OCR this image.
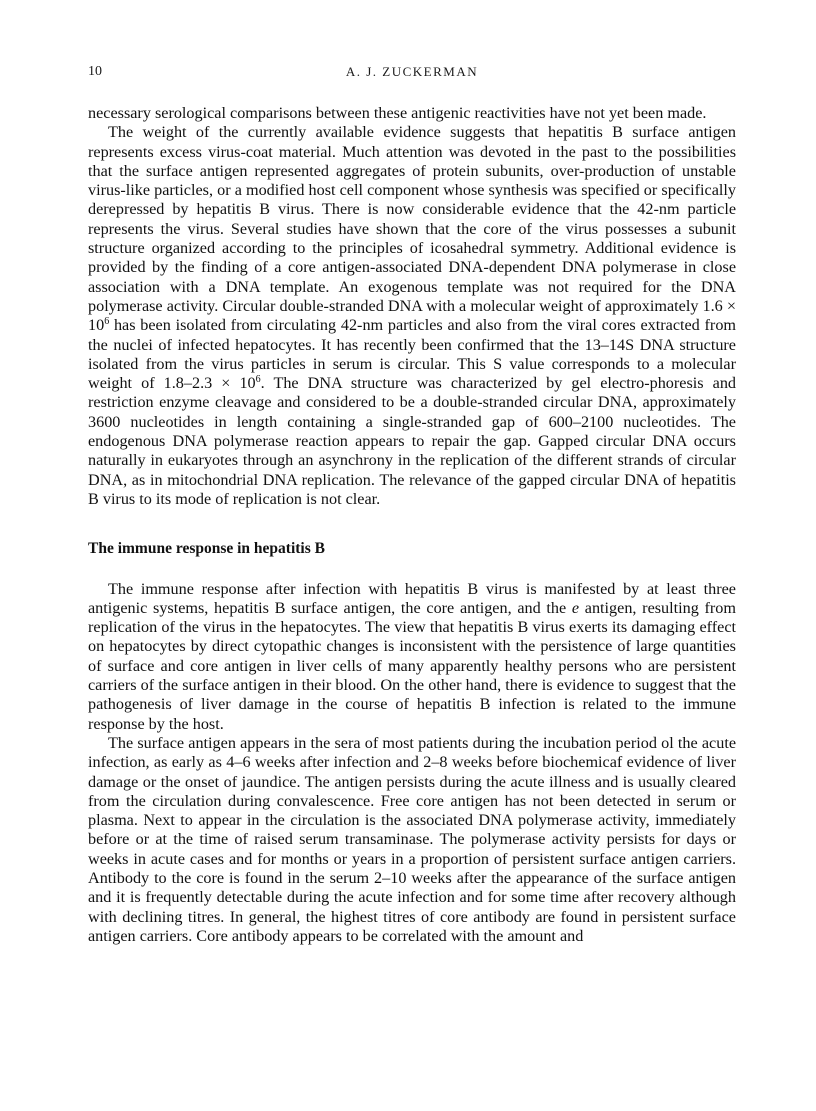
10	A. J. ZUCKERMAN

necessary serological comparisons between these antigenic reactivities have not yet been made.

The weight of the currently available evidence suggests that hepatitis B surface antigen represents excess virus-coat material. Much attention was devoted in the past to the possibilities that the surface antigen represented aggregates of protein subunits, over-production of unstable virus-like particles, or a modified host cell component whose synthesis was specified or specifically derepressed by hepatitis B virus. There is now considerable evidence that the 42-nm particle represents the virus. Several studies have shown that the core of the virus possesses a subunit structure organized according to the principles of icosahedral symmetry. Additional evidence is provided by the finding of a core antigen-associated DNA-dependent DNA polymerase in close association with a DNA template. An exogenous template was not required for the DNA polymerase activity. Circular double-stranded DNA with a molecular weight of approximately $1.6 \times 10^6$ has been isolated from circulating 42-nm particles and also from the viral cores extracted from the nuclei of infected hepatocytes. It has recently been confirmed that the 13–14S DNA structure isolated from the virus particles in serum is circular. This S value corresponds to a molecular weight of $1.8-2.3 \times 10^6$. The DNA structure was characterized by gel electro-phoresis and restriction enzyme cleavage and considered to be a double-stranded circular DNA, approximately 3600 nucleotides in length containing a single-stranded gap of 600–2100 nucleotides. The endogenous DNA polymerase reaction appears to repair the gap. Gapped circular DNA occurs naturally in eukaryotes through an asynchrony in the replication of the different strands of circular DNA, as in mitochondrial DNA replication. The relevance of the gapped circular DNA of hepatitis B virus to its mode of replication is not clear.

The immune response in hepatitis B

The immune response after infection with hepatitis B virus is manifested by at least three antigenic systems, hepatitis B surface antigen, the core antigen, and the e antigen, resulting from replication of the virus in the hepatocytes. The view that hepatitis B virus exerts its damaging effect on hepatocytes by direct cytopathic changes is inconsistent with the persistence of large quantities of surface and core antigen in liver cells of many apparently healthy persons who are persistent carriers of the surface antigen in their blood. On the other hand, there is evidence to suggest that the pathogenesis of liver damage in the course of hepatitis B infection is related to the immune response by the host.

The surface antigen appears in the sera of most patients during the incubation period ol the acute infection, as early as 4–6 weeks after infection and 2–8 weeks before biochemicaf evidence of liver damage or the onset of jaundice. The antigen persists during the acute illness and is usually cleared from the circulation during convalescence. Free core antigen has not been detected in serum or plasma. Next to appear in the circulation is the associated DNA polymerase activity, immediately before or at the time of raised serum transaminase. The polymerase activity persists for days or weeks in acute cases and for months or years in a proportion of persistent surface antigen carriers. Antibody to the core is found in the serum 2–10 weeks after the appearance of the surface antigen and it is frequently detectable during the acute infection and for some time after recovery although with declining titres. In general, the highest titres of core antibody are found in persistent surface antigen carriers. Core antibody appears to be correlated with the amount and
